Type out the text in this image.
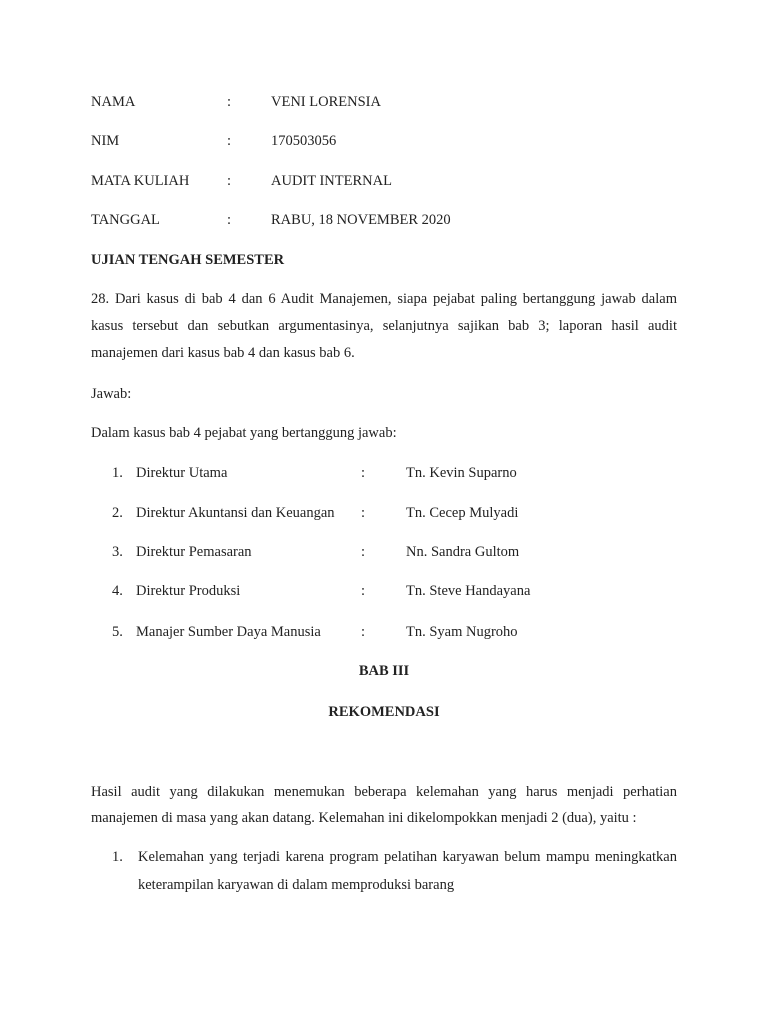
NAMA	:	VENI LORENSIA
NIM	:	170503056
MATA KULIAH	:	AUDIT INTERNAL
TANGGAL	:	RABU, 18 NOVEMBER 2020
UJIAN TENGAH SEMESTER
28. Dari kasus di bab 4 dan 6 Audit Manajemen, siapa pejabat paling bertanggung jawab dalam kasus tersebut dan sebutkan argumentasinya, selanjutnya sajikan bab 3; laporan hasil audit manajemen dari kasus bab 4 dan kasus bab 6.
Jawab:
Dalam kasus bab 4 pejabat yang bertanggung jawab:
1. Direktur Utama	:	Tn. Kevin Suparno
2. Direktur Akuntansi dan Keuangan :	Tn. Cecep Mulyadi
3. Direktur Pemasaran	:	Nn. Sandra Gultom
4. Direktur Produksi	:	Tn. Steve Handayana
5. Manajer Sumber Daya Manusia	:	Tn. Syam Nugroho
BAB III
REKOMENDASI
Hasil audit yang dilakukan menemukan beberapa kelemahan yang harus menjadi perhatian manajemen di masa yang akan datang. Kelemahan ini dikelompokkan menjadi 2 (dua), yaitu :
1. Kelemahan yang terjadi karena program pelatihan karyawan belum mampu meningkatkan keterampilan karyawan di dalam memproduksi barang
